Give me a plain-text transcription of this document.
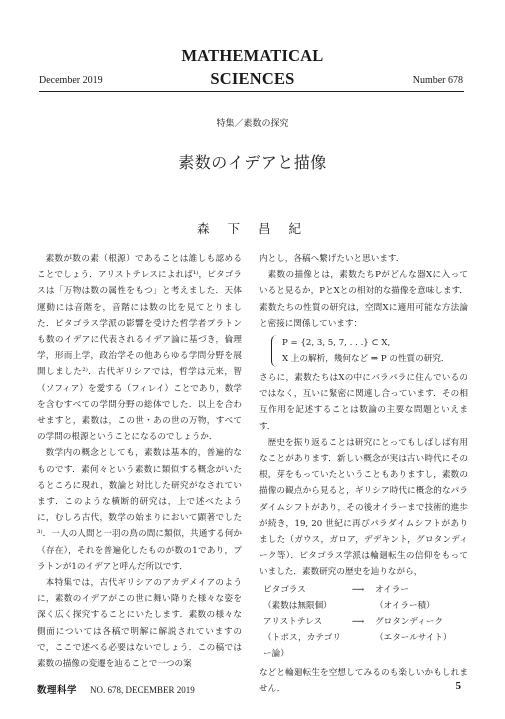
MATHEMATICAL
SCIENCES
December 2019	Number 678
特集／素数の探究
素数のイデアと描像
森 下 昌 紀

素数が数の素（根源）であることは誰しも認めることでしょう．アリストテレスによれば¹⁾，ピタゴラスは「万物は数の属性をもつ」と考えました．天体運動には音階を，音階には数の比を見てとりました．ピタゴラス学派の影響を受けた哲学者プラトンも数のイデアに代表されるイデア論に基づき，倫理学，形而上学，政治学その他あらゆる学問分野を展開しました²⁾．古代ギリシアでは，哲学は元来，智（ソフィア）を愛する（フィレイ）ことであり，数学を含むすべての学問分野の総体でした．以上を合わせますと，素数は，この世・あの世の万物，すべての学問の根源ということになるのでしょうか．

数学内の概念としても，素数は基本的，普遍的なものです．素何々という素数に類似する概念がいたるところに現れ，数論と対比した研究がなされています．このような横断的研究は，上で述べたように，むしろ古代，数学の始まりにおいて顕著でした³⁾．一人の人間と一羽の鳥の間に類似，共通する何か（存在），それを普遍化したものが数の1であり，プラトンが1のイデアと呼んだ所以です．

本特集では，古代ギリシアのアカデメイアのように，素数のイデアがこの世に舞い降りた様々な姿を深く広く探究することにいたします．素数の様々な側面については各稿で明解に解説されていますので，ここで述べる必要はないでしょう．この稿では素数の描像の変遷を辿ることで一つの案

内とし，各稿へ繋げたいと思います．

素数の描像とは，素数たちPがどんな器Xに入っていると見るか，PとXとの相対的な描像を意味します．素数たちの性質の研究は，空間Xに適用可能な方法論と密接に関係しています：

P = {2, 3, 5, 7, . . .} ⊂ X,
X 上の解析，幾何など ⇒ P の性質の研究．

さらに，素数たちはXの中にバラバラに住んでいるのではなく，互いに緊密に関連し合っています．その相互作用を記述することは数論の主要な問題といえます．

歴史を振り返ることは研究にとってもしばしば有用なことがあります．新しい概念が実は古い時代にその根，芽をもっていたということもありますし，素数の描像の観点から見ると，ギリシア時代に概念的なパラダイムシフトがあり，その後オイラーまで技術的進歩が続き，19, 20 世紀に再びパラダイムシフトがありました（ガウス，ガロア，デデキント，グロタンディーク等）．ピタゴラス学派は輪廻転生の信仰をもっていました．素数研究の歴史を辿りながら，

ピタゴラス	⟶	オイラー
（素数は無限個）	（オイラー積）
アリストテレス	⟶	グロタンディーク
（トポス，カテゴリー論）
（エタールサイト）

などと輪廻転生を空想してみるのも楽しいかもしれません．

数理科学 NO. 678, DECEMBER 2019	5
